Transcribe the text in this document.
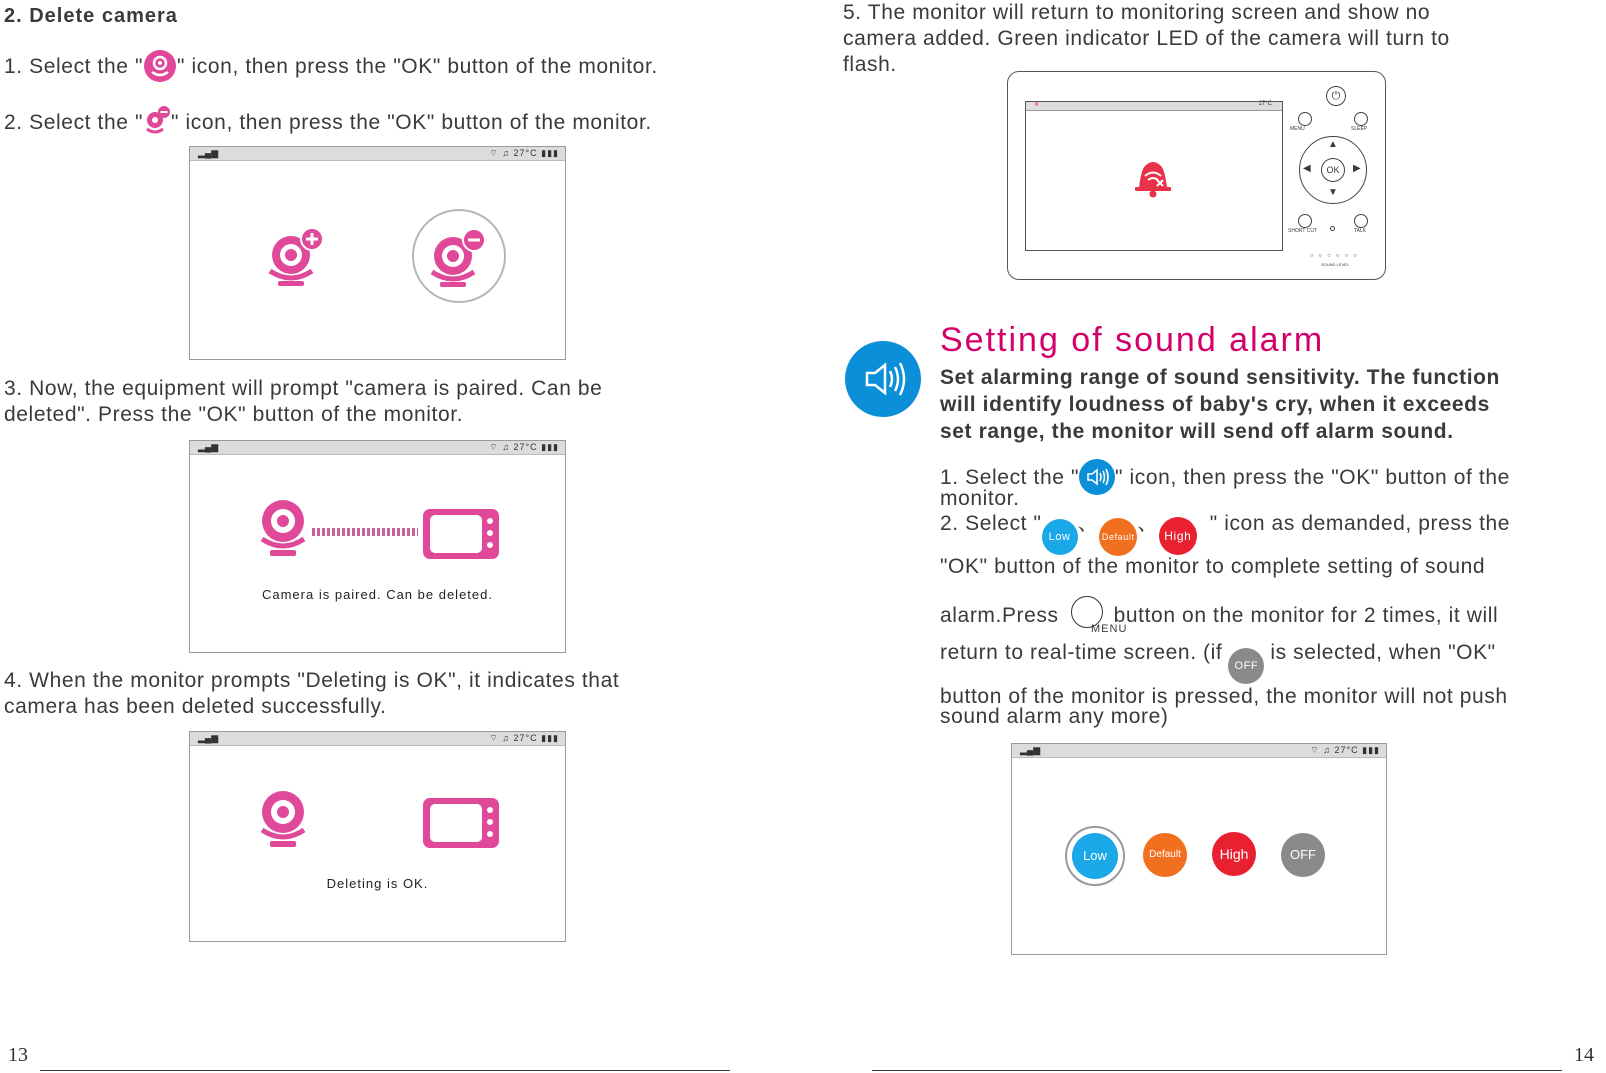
2. Delete camera
1. Select the " " icon, then press the "OK" button of the monitor.
2. Select the " " icon, then press the "OK" button of the monitor.
▂▄▆	⌔ ♫ 27°C ▮▮▮
3. Now, the equipment will prompt "camera is paired. Can be
deleted". Press the "OK" button of the monitor.
▂▄▆	⌔ ♫ 27°C ▮▮▮
Camera is paired. Can be deleted.
4. When the monitor prompts "Deleting is OK", it indicates that
camera has been deleted successfully.
▂▄▆	⌔ ♫ 27°C ▮▮▮
Deleting is OK.
13
5. The monitor will return to monitoring screen and show no
camera added. Green indicator LED of the camera will turn to
flash.
✕	27°C
⏻
MENU	SLEEP
▲
▼
◀	▶
OK
SHORT CUT	TALK
○○○○○○
SOUND LEVEL
Setting of sound alarm
Set alarming range of sound sensitivity. The function
will identify loudness of baby's cry, when it exceeds
set range, the monitor will send off alarm sound.
1. Select the " " icon, then press the "OK" button of the
monitor.
2. Select "Low、Default、High  " icon as demanded, press the
"OK" button of the monitor to complete setting of sound
alarm.Press	button on the monitor for 2 times, it will
MENU
return to real-time screen. (ifOFFis selected, when "OK"
button of the monitor is pressed, the monitor will not push
sound alarm any more)
▂▄▆	⌔ ♫ 27°C ▮▮▮
Low	Default	High	OFF
14
